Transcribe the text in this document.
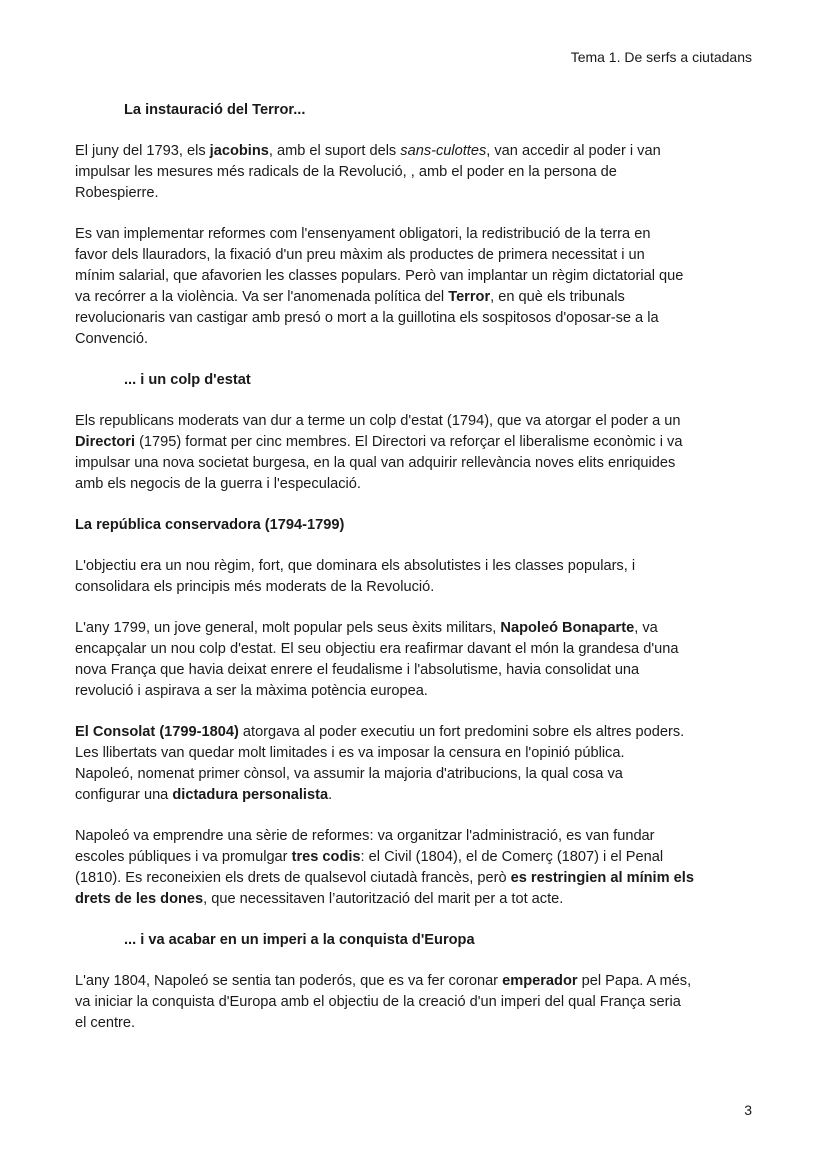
Tema 1. De serfs a ciutadans
La instauració del Terror...
El juny del 1793, els jacobins, amb el suport dels sans-culottes, van accedir al poder i van
impulsar les mesures més radicals de la Revolució, , amb el poder en la persona de
Robespierre.
Es van implementar reformes com l'ensenyament obligatori, la redistribució de la terra en
favor dels llauradors, la fixació d'un preu màxim als productes de primera necessitat i un
mínim salarial, que afavorien les classes populars. Però van implantar un règim dictatorial que
va recórrer a la violència. Va ser l'anomenada política del Terror, en què els tribunals
revolucionaris van castigar amb presó o mort a la guillotina els sospitosos d'oposar-se a la
Convenció.
... i un colp d'estat
Els republicans moderats van dur a terme un colp d'estat (1794), que va atorgar el poder a un
Directori (1795) format per cinc membres. El Directori va reforçar el liberalisme econòmic i va
impulsar una nova societat burgesa, en la qual van adquirir rellevància noves elits enriquides
amb els negocis de la guerra i l'especulació.
La república conservadora (1794-1799)
L'objectiu era un nou règim, fort, que dominara els absolutistes i les classes populars, i
consolidara els principis més moderats de la Revolució.
L'any 1799, un jove general, molt popular pels seus èxits militars, Napoleó Bonaparte, va
encapçalar un nou colp d'estat. El seu objectiu era reafirmar davant el món la grandesa d'una
nova França que havia deixat enrere el feudalisme i l'absolutisme, havia consolidat una
revolució i aspirava a ser la màxima potència europea.
El Consolat (1799-1804) atorgava al poder executiu un fort predomini sobre els altres poders.
Les llibertats van quedar molt limitades i es va imposar la censura en l'opinió pública.
Napoleó, nomenat primer cònsol, va assumir la majoria d'atribucions, la qual cosa va
configurar una dictadura personalista.
Napoleó va emprendre una sèrie de reformes: va organitzar l'administració, es van fundar
escoles públiques i va promulgar tres codis: el Civil (1804), el de Comerç (1807) i el Penal
(1810). Es reconeixien els drets de qualsevol ciutadà francès, però es restringien al mínim els
drets de les dones, que necessitaven l’autorització del marit per a tot acte.
... i va acabar en un imperi a la conquista d'Europa
L'any 1804, Napoleó se sentia tan poderós, que es va fer coronar emperador pel Papa. A més,
va iniciar la conquista d'Europa amb el objectiu de la creació d'un imperi del qual França seria
el centre.
3
